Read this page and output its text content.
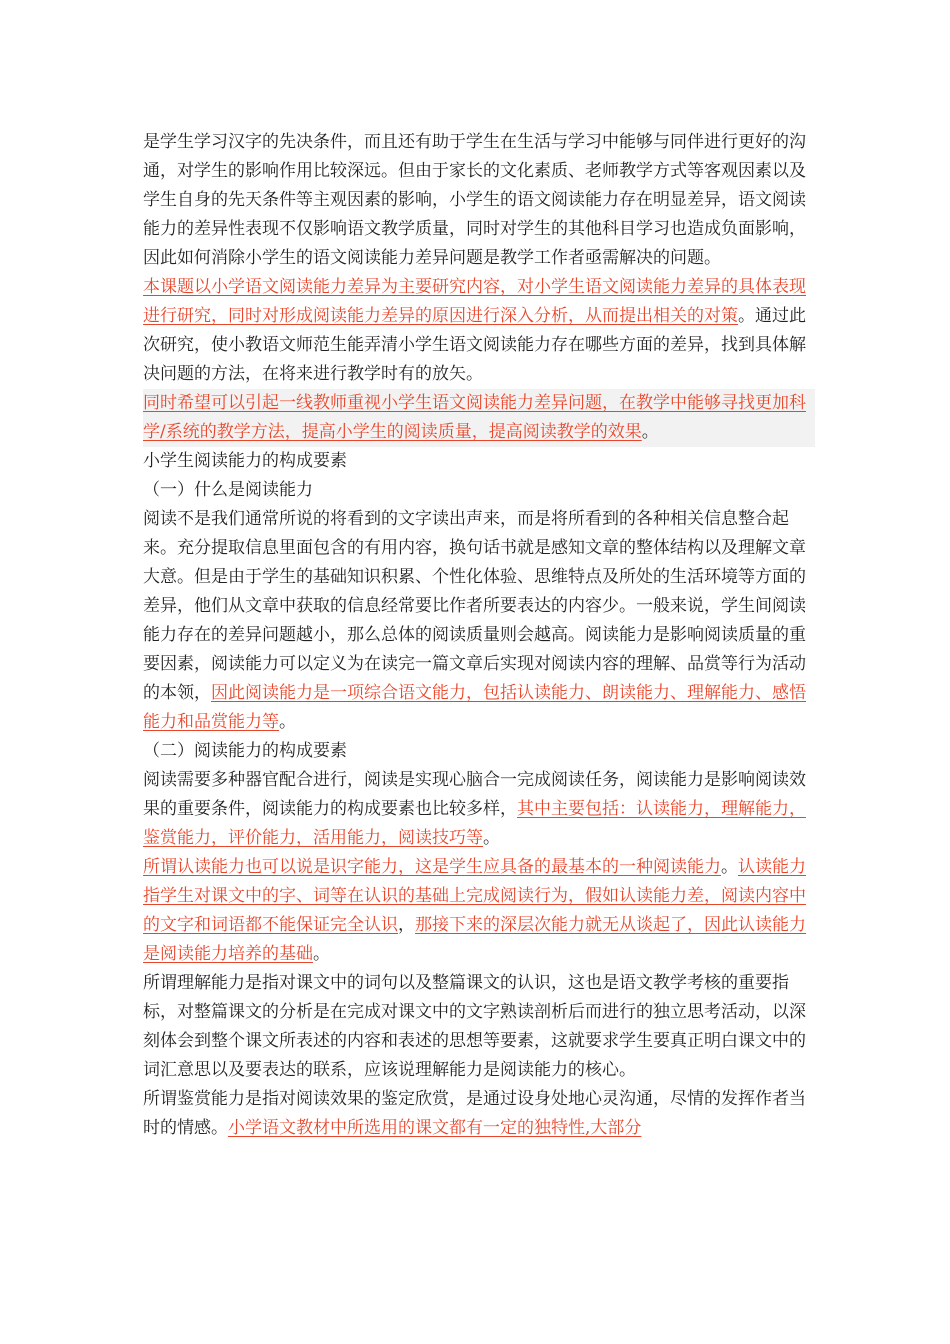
是学生学习汉字的先决条件，而且还有助于学生在生活与学习中能够与同伴进行更好的沟通，对学生的影响作用比较深远。但由于家长的文化素质、老师教学方式等客观因素以及学生自身的先天条件等主观因素的影响，小学生的语文阅读能力存在明显差异，语文阅读能力的差异性表现不仅影响语文教学质量，同时对学生的其他科目学习也造成负面影响，因此如何消除小学生的语文阅读能力差异问题是教学工作者亟需解决的问题。

本课题以小学语文阅读能力差异为主要研究内容，对小学生语文阅读能力差异的具体表现进行研究，同时对形成阅读能力差异的原因进行深入分析，从而提出相关的对策。通过此次研究，使小教语文师范生能弄清小学生语文阅读能力存在哪些方面的差异，找到具体解决问题的方法，在将来进行教学时有的放矢。

同时希望可以引起一线教师重视小学生语文阅读能力差异问题，在教学中能够寻找更加科学/系统的教学方法，提高小学生的阅读质量，提高阅读教学的效果。

小学生阅读能力的构成要素

（一）什么是阅读能力

阅读不是我们通常所说的将看到的文字读出声来，而是将所看到的各种相关信息整合起来。充分提取信息里面包含的有用内容，换句话书就是感知文章的整体结构以及理解文章大意。但是由于学生的基础知识积累、个性化体验、思维特点及所处的生活环境等方面的差异，他们从文章中获取的信息经常要比作者所要表达的内容少。一般来说，学生间阅读能力存在的差异问题越小，那么总体的阅读质量则会越高。阅读能力是影响阅读质量的重要因素，阅读能力可以定义为在读完一篇文章后实现对阅读内容的理解、品赏等行为活动的本领，因此阅读能力是一项综合语文能力，包括认读能力、朗读能力、理解能力、感悟能力和品赏能力等。

（二）阅读能力的构成要素

阅读需要多种器官配合进行，阅读是实现心脑合一完成阅读任务，阅读能力是影响阅读效果的重要条件，阅读能力的构成要素也比较多样，其中主要包括：认读能力，理解能力，鉴赏能力，评价能力，活用能力，阅读技巧等。

所谓认读能力也可以说是识字能力，这是学生应具备的最基本的一种阅读能力。认读能力指学生对课文中的字、词等在认识的基础上完成阅读行为，假如认读能力差，阅读内容中的文字和词语都不能保证完全认识，那接下来的深层次能力就无从谈起了，因此认读能力是阅读能力培养的基础。

所谓理解能力是指对课文中的词句以及整篇课文的认识，这也是语文教学考核的重要指标，对整篇课文的分析是在完成对课文中的文字熟读剖析后而进行的独立思考活动，以深刻体会到整个课文所表述的内容和表述的思想等要素，这就要求学生要真正明白课文中的词汇意思以及要表达的联系，应该说理解能力是阅读能力的核心。

所谓鉴赏能力是指对阅读效果的鉴定欣赏，是通过设身处地心灵沟通，尽情的发挥作者当时的情感。小学语文教材中所选用的课文都有一定的独特性,大部分
